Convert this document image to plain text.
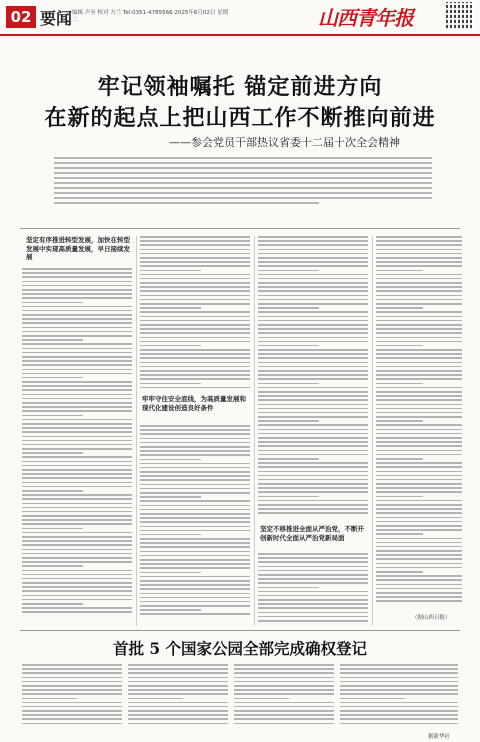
02 要闻 编辑 声至 校对 方兰 Tel:0351-4785566 2025年6月02日 星期二	山西青年报
牢记领袖嘱托 锚定前进方向
在新的起点上把山西工作不断推向前进
——参会党员干部热议省委十二届十次全会精神
坚定有序推进转型发展，加快在转型发展中实现高质量发展，早日接续发展
牢牢守住安全底线，为高质量发展和现代化建设创造良好条件
坚定不移推进全面从严治党，不断开创新时代全面从严治党新局面
（据山西日报）
首批 5 个国家公园全部完成确权登记
据新华社
